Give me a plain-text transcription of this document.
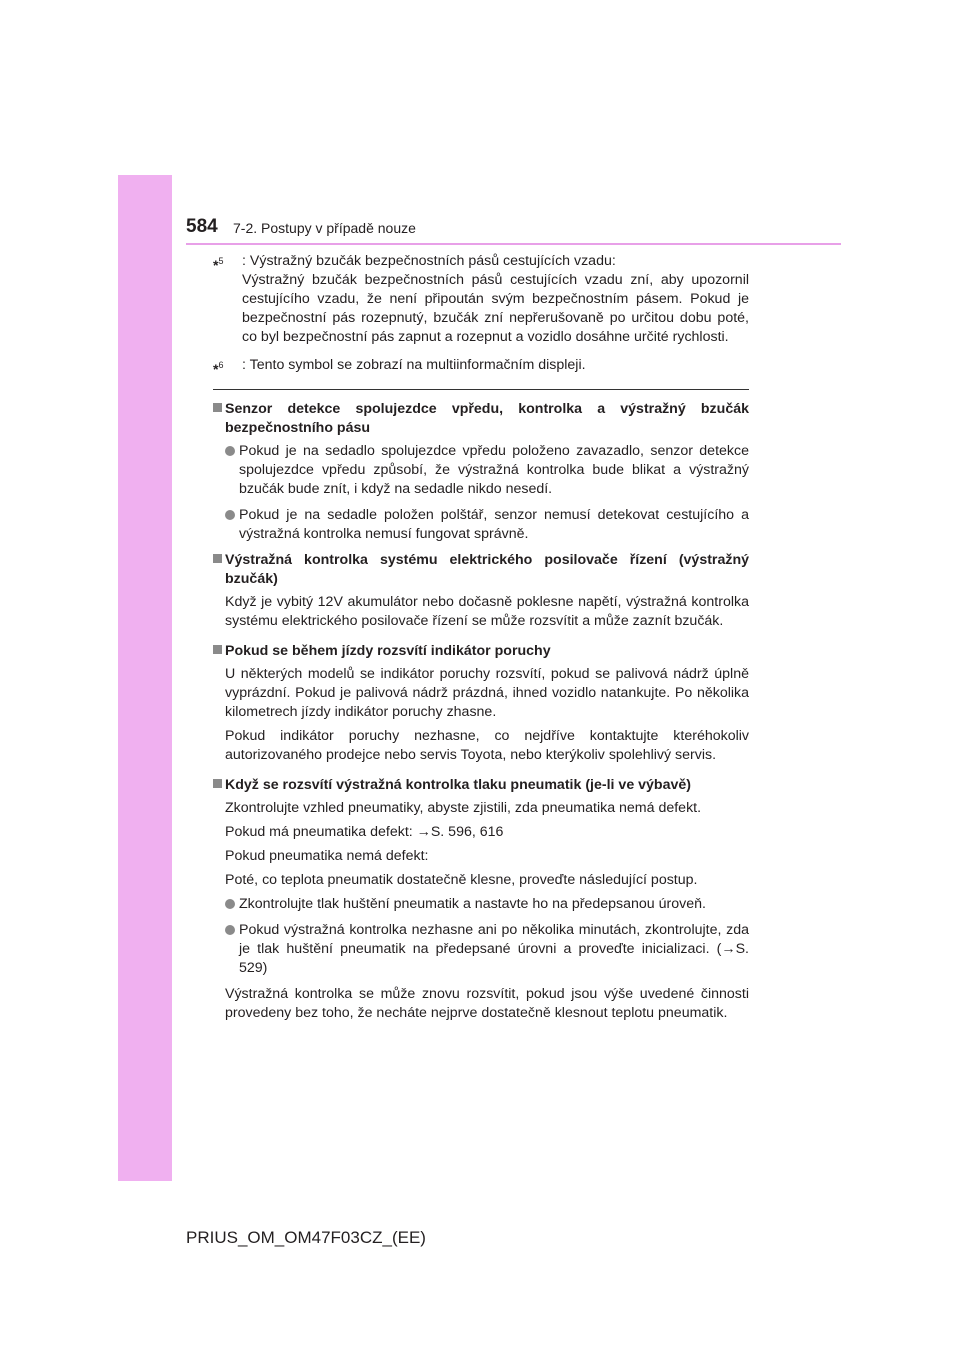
584 7-2. Postupy v případě nouze
*$^5$ : Výstražný bzučák bezpečnostních pásů cestujících vzadu:
Výstražný bzučák bezpečnostních pásů cestujících vzadu zní, aby upozornil cestujícího vzadu, že není připoután svým bezpečnostním pásem. Pokud je bezpečnostní pás rozepnutý, bzučák zní nepřerušovaně po určitou dobu poté, co byl bezpečnostní pás zapnut a rozepnut a vozidlo dosáhne určité rychlosti.
*$^6$ : Tento symbol se zobrazí na multiinformačním displeji.
Senzor detekce spolujezdce vpředu, kontrolka a výstražný bzučák bezpečnostního pásu
Pokud je na sedadlo spolujezdce vpředu položeno zavazadlo, senzor detekce spolujezdce vpředu způsobí, že výstražná kontrolka bude blikat a výstražný bzučák bude znít, i když na sedadle nikdo nesedí.
Pokud je na sedadle položen polštář, senzor nemusí detekovat cestujícího a výstražná kontrolka nemusí fungovat správně.
Výstražná kontrolka systému elektrického posilovače řízení (výstražný bzučák)
Když je vybitý 12V akumulátor nebo dočasně poklesne napětí, výstražná kontrolka systému elektrického posilovače řízení se může rozsvítit a může zaznít bzučák.
Pokud se během jízdy rozsvítí indikátor poruchy
U některých modelů se indikátor poruchy rozsvítí, pokud se palivová nádrž úplně vyprázdní. Pokud je palivová nádrž prázdná, ihned vozidlo natankujte. Po několika kilometrech jízdy indikátor poruchy zhasne.
Pokud indikátor poruchy nezhasne, co nejdříve kontaktujte kteréhokoliv autorizovaného prodejce nebo servis Toyota, nebo kterýkoliv spolehlivý servis.
Když se rozsvítí výstražná kontrolka tlaku pneumatik (je-li ve výbavě)
Zkontrolujte vzhled pneumatiky, abyste zjistili, zda pneumatika nemá defekt.
Pokud má pneumatika defekt: →S. 596, 616
Pokud pneumatika nemá defekt:
Poté, co teplota pneumatik dostatečně klesne, proveďte následující postup.
Zkontrolujte tlak huštění pneumatik a nastavte ho na předepsanou úroveň.
Pokud výstražná kontrolka nezhasne ani po několika minutách, zkontrolujte, zda je tlak huštění pneumatik na předepsané úrovni a proveďte inicializaci. (→S. 529)
Výstražná kontrolka se může znovu rozsvítit, pokud jsou výše uvedené činnosti provedeny bez toho, že necháte nejprve dostatečně klesnout teplotu pneumatik.
PRIUS_OM_OM47F03CZ_(EE)
